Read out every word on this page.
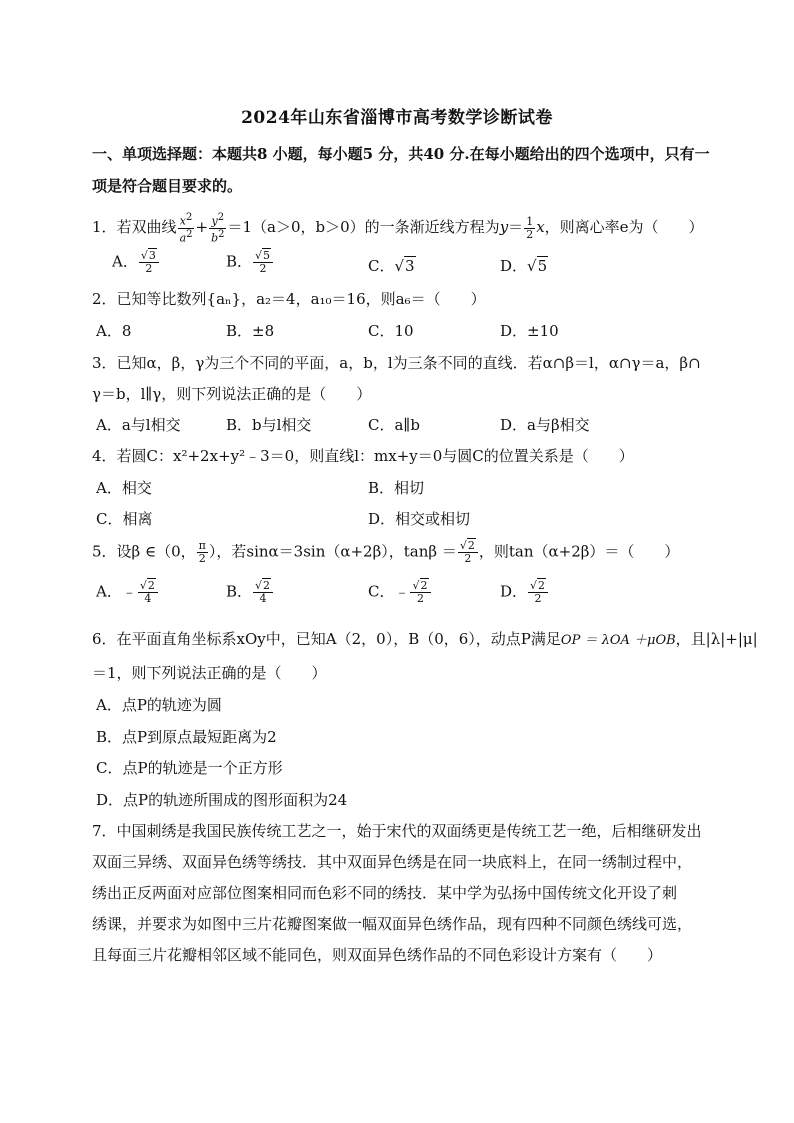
2024年山东省淄博市高考数学诊断试卷
一、单项选择题：本题共8 小题，每小题5 分，共40 分.在每小题给出的四个选项中，只有一项是符合题目要求的。
1．若双曲线 $\frac{x^2}{a^2} + \frac{y^2}{b^2} =1(a>0$，b＞0）的一条渐近线方程为$y= \frac{1}{2}$ x，则离心率e为（　　）
A． $\frac{√3}{2}$	B． $\frac{√5}{2}$	C．√3	D．√5
2．已知等比数列{aₙ}，a₂＝4，a₁₀＝16，则a₆＝（　　）
A．8	B．±8	C．10	D．±10
3．已知α，β，γ为三个不同的平面，a，b，l为三条不同的直线．若α∩β＝l，α∩γ＝a，β∩
γ＝b，l∥γ，则下列说法正确的是（　　）
A．a与l相交	B．b与l相交	C．a∥b	D．a与β相交
4．若圆C：x²+2x+y²﹣3＝0，则直线l：mx+y＝0与圆C的位置关系是（　　）
A．相交	B．相切
C．相离	D．相交或相切
5．设β ∈（0， $\frac{\pi}{2}$ ），若sinα＝3sin（α+2β），$\tan\beta = \frac{√2}{2}$ ，则tan（α+2β）＝（　　）
A．﹣ $\frac{√2}{4}$	B． $\frac{√2}{4}$	C．﹣ $\frac{√2}{2}$	D． $\frac{√2}{2}$
6．在平面直角坐标系xOy中，已知A（2，0），B（0，6），动点P满足OP ＝ λOA ＋μOB，且|λ|+|μ|
＝1，则下列说法正确的是（　　）
A．点P的轨迹为圆
B．点P到原点最短距离为2
C．点P的轨迹是一个正方形
D．点P的轨迹所围成的图形面积为24
7．中国刺绣是我国民族传统工艺之一，始于宋代的双面绣更是传统工艺一绝，后相继研发出
双面三异绣、双面异色绣等绣技．其中双面异色绣是在同一块底料上，在同一绣制过程中，
绣出正反两面对应部位图案相同而色彩不同的绣技．某中学为弘扬中国传统文化开设了刺
绣课，并要求为如图中三片花瓣图案做一幅双面异色绣作品，现有四种不同颜色绣线可选，
且每面三片花瓣相邻区域不能同色，则双面异色绣作品的不同色彩设计方案有（　　）
